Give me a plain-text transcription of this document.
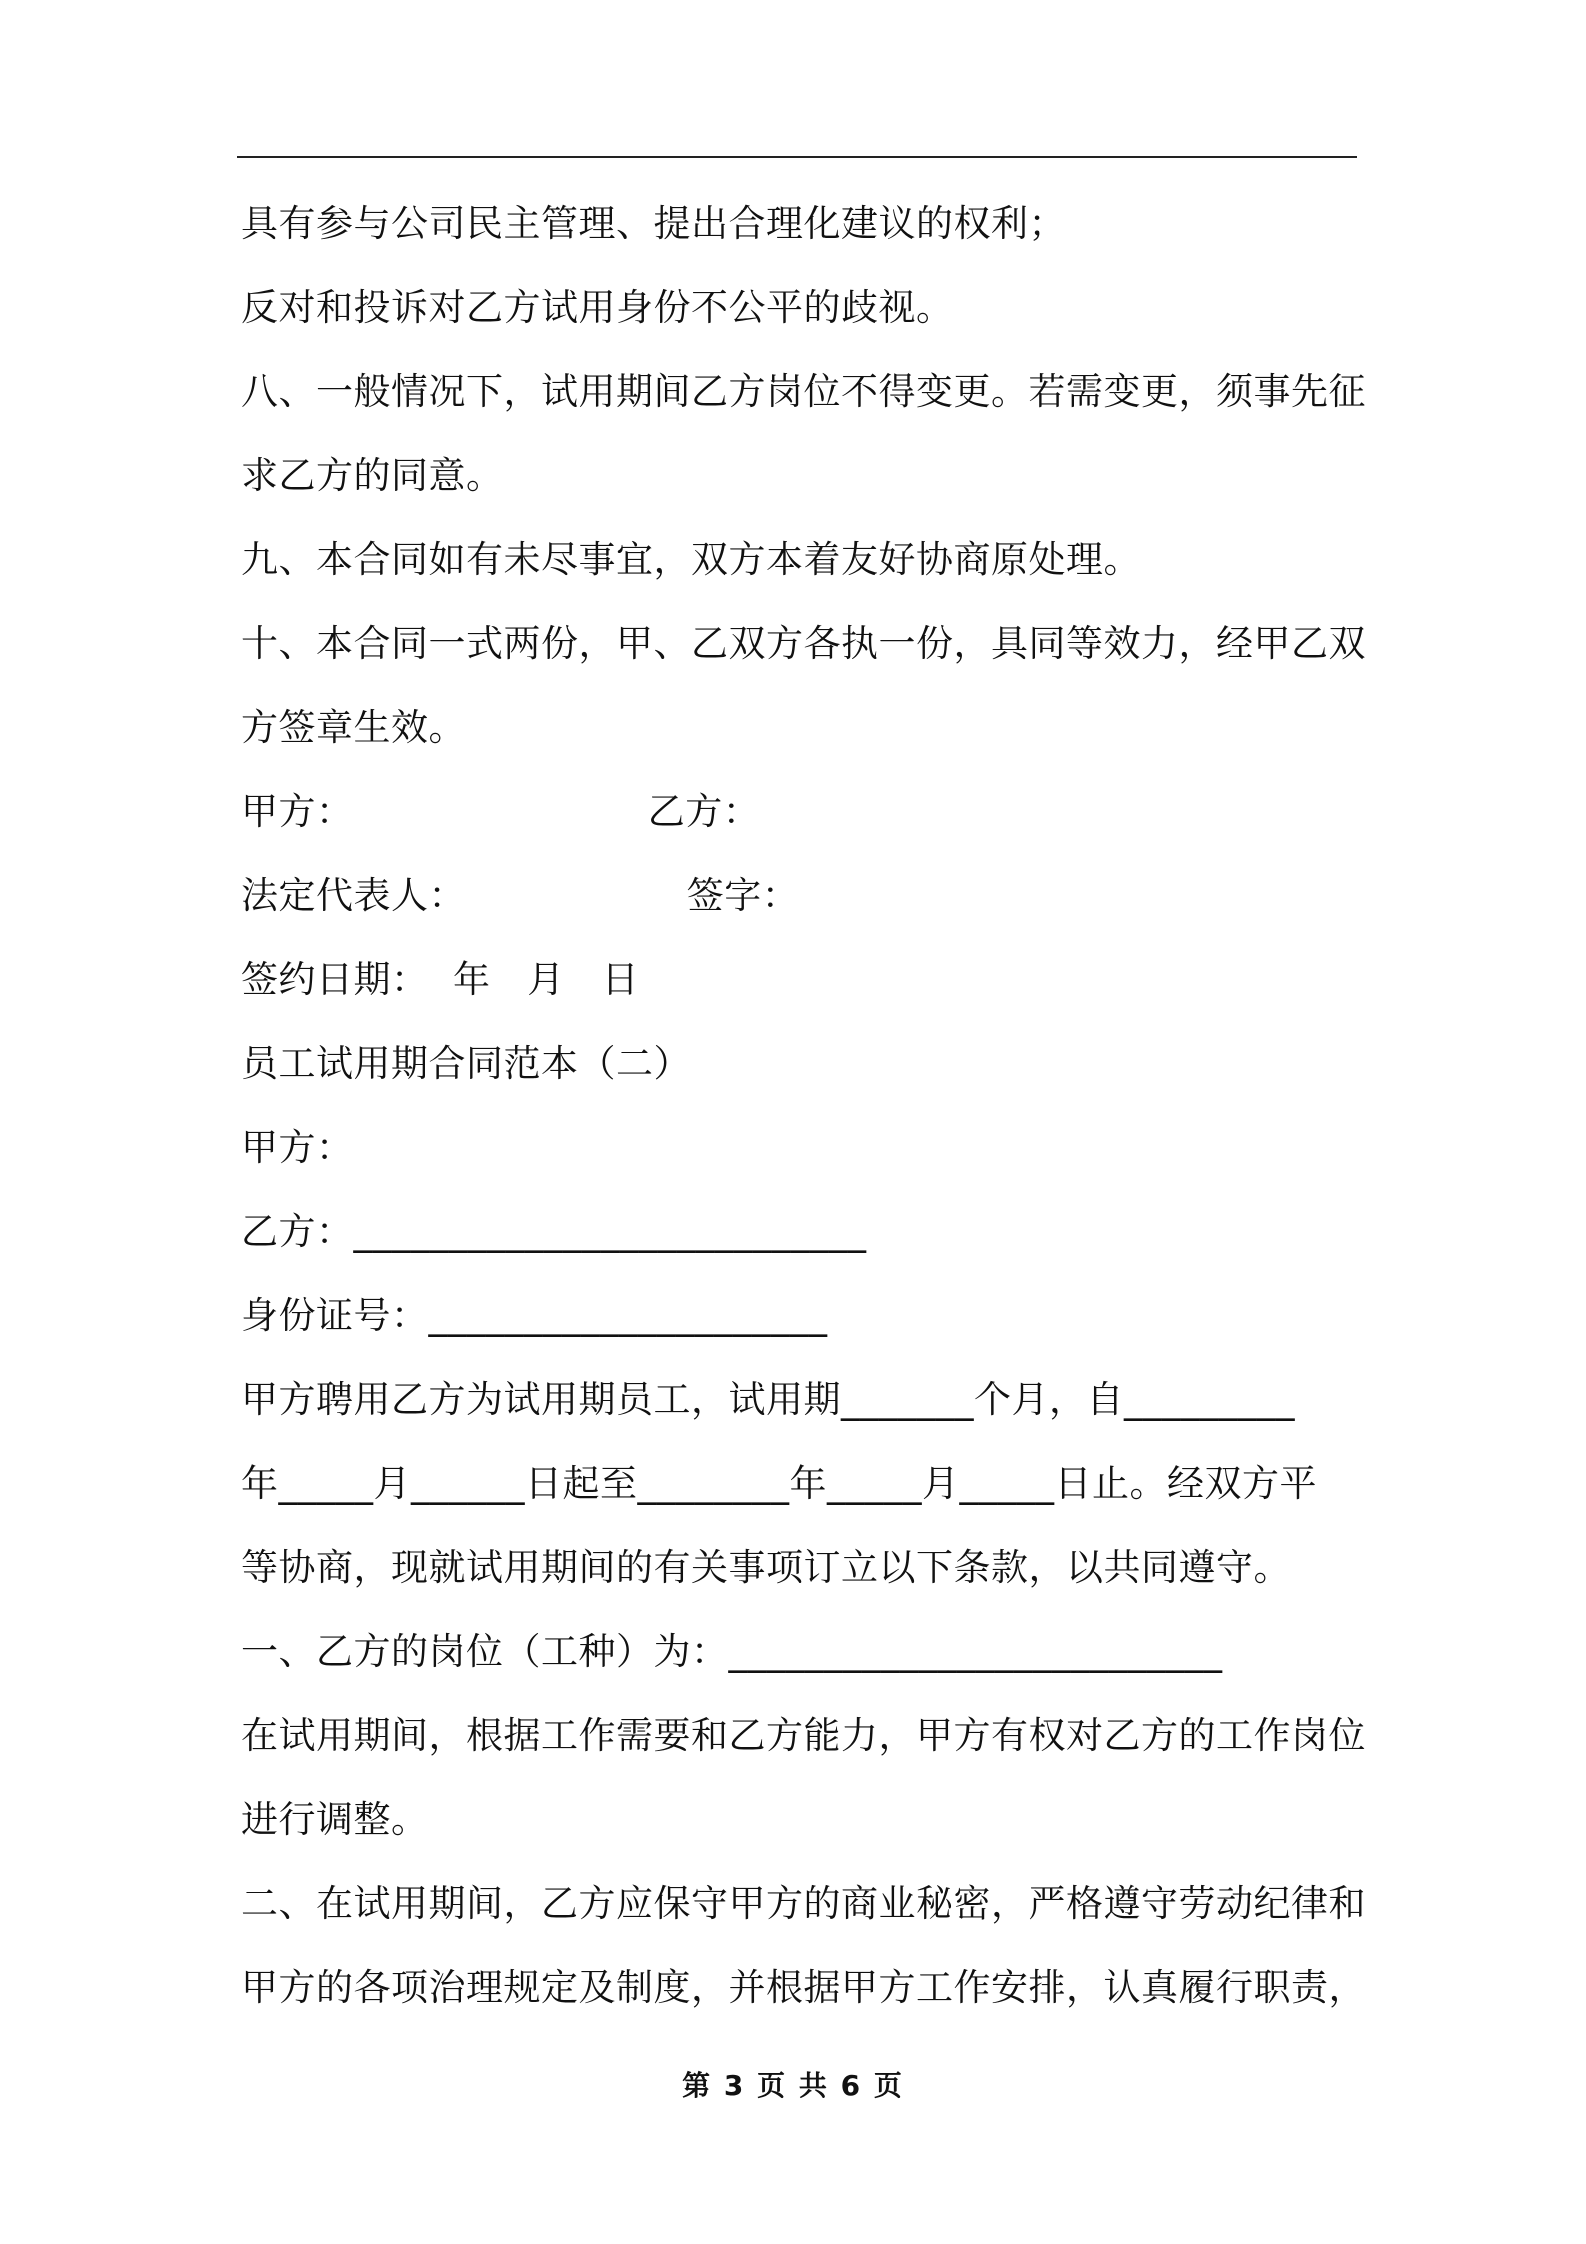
具有参与公司民主管理、提出合理化建议的权利；
反对和投诉对乙方试用身份不公平的歧视。
八、一般情况下，试用期间乙方岗位不得变更。若需变更，须事先征
求乙方的同意。
九、本合同如有未尽事宜，双方本着友好协商原处理。
十、本合同一式两份，甲、乙双方各执一份，具同等效力，经甲乙双
方签章生效。
甲方：                        乙方：
法定代表人：                  签字：
签约日期：  年   月   日
员工试用期合同范本（二）
甲方：
乙方：___________________________
身份证号：_____________________
甲方聘用乙方为试用期员工，试用期_______个月，自_________
年_____月______日起至________年_____月_____日止。经双方平
等协商，现就试用期间的有关事项订立以下条款，以共同遵守。
一、乙方的岗位（工种）为：__________________________
在试用期间，根据工作需要和乙方能力，甲方有权对乙方的工作岗位
进行调整。
二、在试用期间，乙方应保守甲方的商业秘密，严格遵守劳动纪律和
甲方的各项治理规定及制度，并根据甲方工作安排，认真履行职责，
第 3 页 共 6 页
